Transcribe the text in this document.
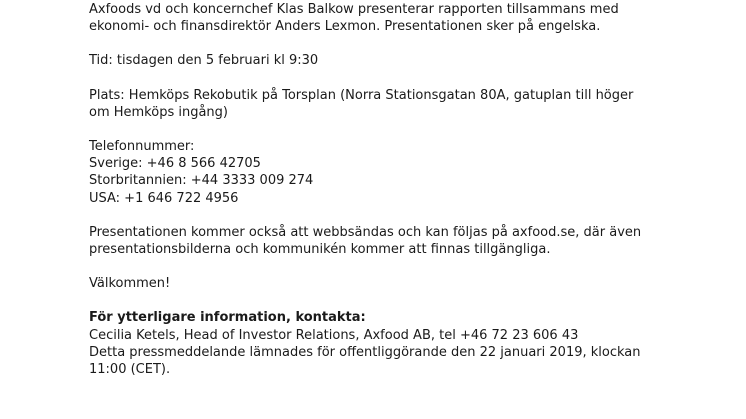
Axfoods vd och koncernchef Klas Balkow presenterar rapporten tillsammans med
ekonomi- och finansdirektör Anders Lexmon. Presentationen sker på engelska.

Tid: tisdagen den 5 februari kl 9:30

Plats: Hemköps Rekobutik på Torsplan (Norra Stationsgatan 80A, gatuplan till höger
om Hemköps ingång)

Telefonnummer:
Sverige: +46 8 566 42705
Storbritannien: +44 3333 009 274
USA: +1 646 722 4956

Presentationen kommer också att webbsändas och kan följas på axfood.se, där även
presentationsbilderna och kommunikén kommer att finnas tillgängliga.

Välkommen!

För ytterligare information, kontakta:
Cecilia Ketels, Head of Investor Relations, Axfood AB, tel +46 72 23 606 43
Detta pressmeddelande lämnades för offentliggörande den 22 januari 2019, klockan
11:00 (CET).
